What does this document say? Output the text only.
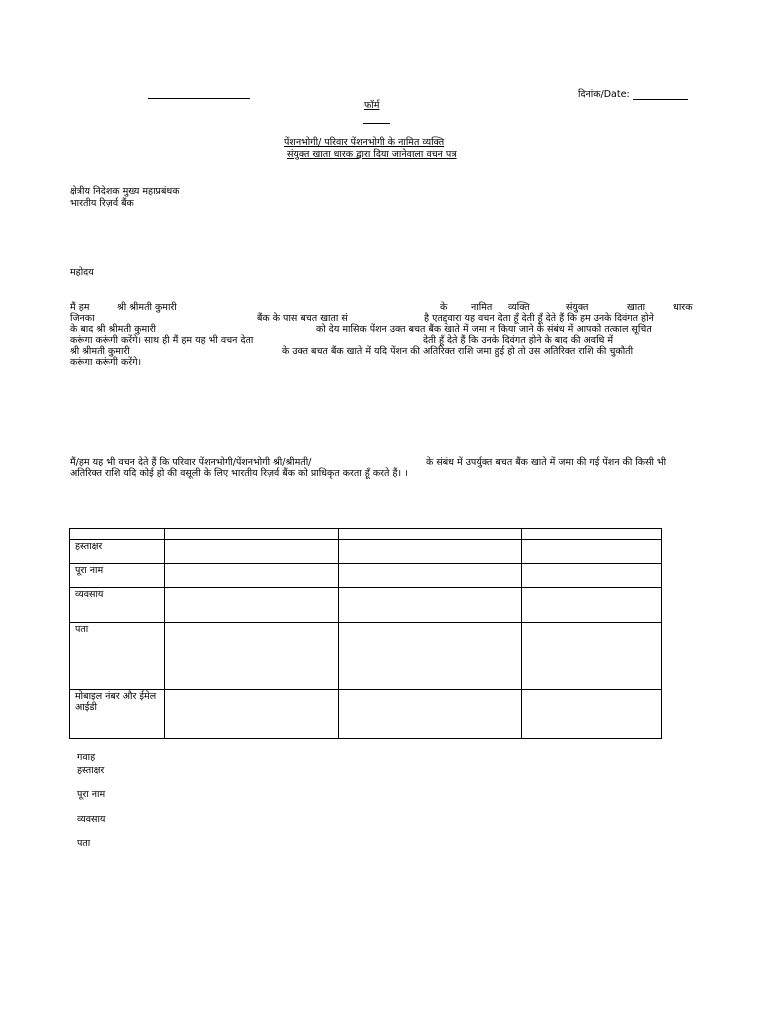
दिनांक/Date:
फॉर्म
पेंशनभोगी/ परिवार पेंशनभोगी के नामित व्यक्ति
संयुक्त खाता धारक द्वारा दिया जानेवाला वचन पत्र
क्षेत्रीय निदेशक मुख्य महाप्रबंधक
भारतीय रिज़र्व बैंक
महोदय
मैं हम	श्री श्रीमती कुमारी	के नामित व्यक्ति	संयुक्त	खाता	धारक
जिनका	बैंक के पास बचत खाता सं	है एतद्द्वारा यह वचन देता हूँ देती हूँ देते हैं कि हम उनके दिवंगत होने
के बाद श्री श्रीमती कुमारी	को देय मासिक पेंशन उक्त बचत बैंक खाते में जमा न किया जाने के संबंध में आपको तत्काल सूचित
करूंगा करूंगी करेंगे। साथ ही मैं हम यह भी वचन देता	देती हूँ देते हैं कि उनके दिवंगत होने के बाद की अवधि में
श्री श्रीमती कुमारी	के उक्त बचत बैंक खाते में यदि पेंशन की अतिरिक्त राशि जमा हुई हो तो उस अतिरिक्त राशि की चुकौती
करूंगा करूंगी करेंगे।
मैं/हम यह भी वचन देते हैं कि परिवार पेंशनभोगी/पेंशनभोगी श्री/श्रीमती/	के संबंध में उपर्युक्त बचत बैंक खाते में जमा की गई पेंशन की किसी भी
अतिरिक्त राशि यदि कोई हो की वसूली के लिए भारतीय रिज़र्व बैंक को प्राधिकृत करता हूँ करते हैं। ।

हस्ताक्षर			
पूरा नाम			
व्यवसाय			
पता			
मोबाइल नंबर और ईमेल आईडी			
गवाह
हस्ताक्षर
पूरा नाम
व्यवसाय
पता
